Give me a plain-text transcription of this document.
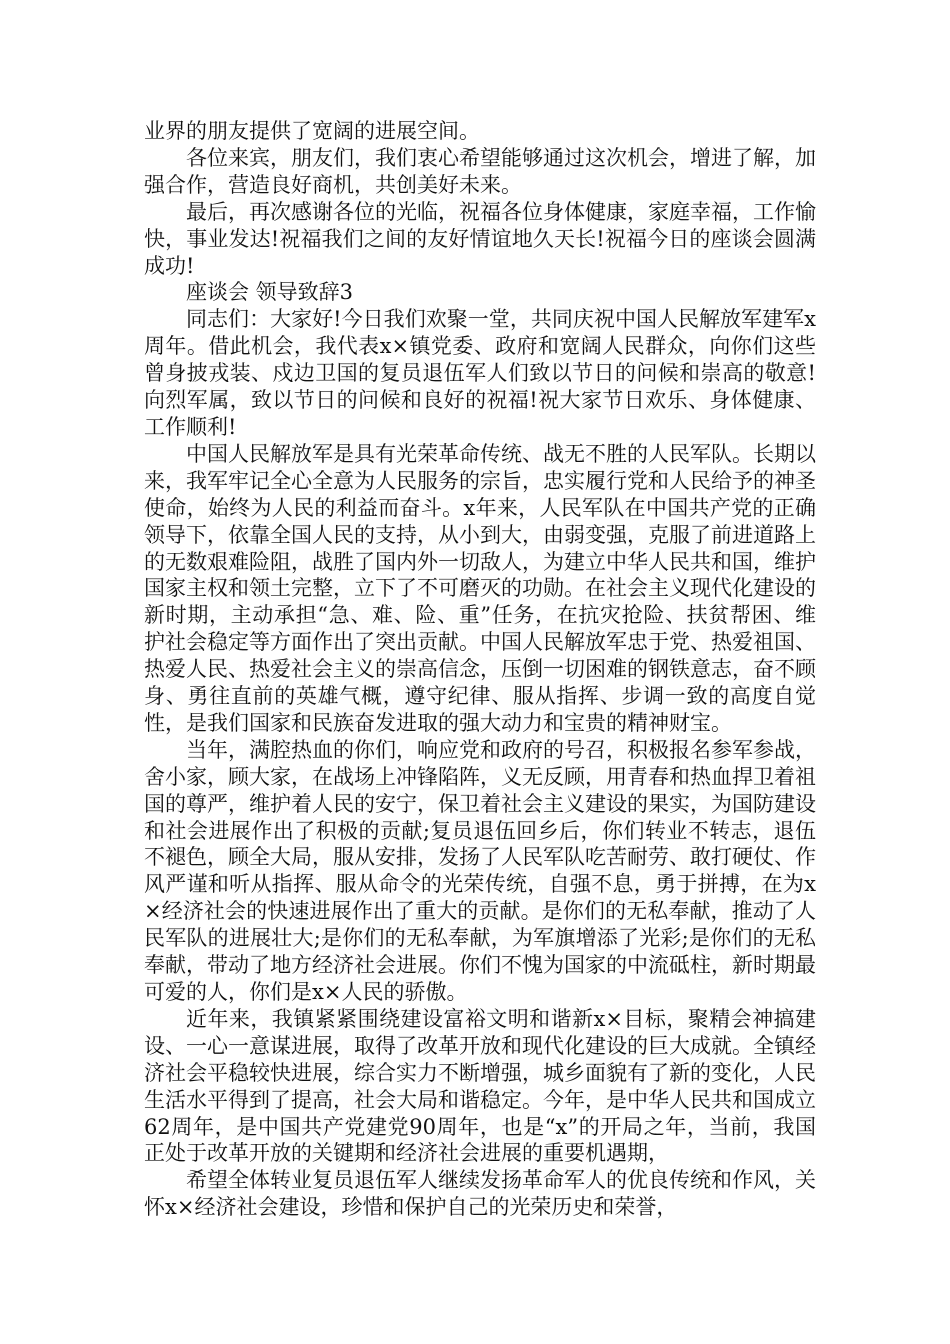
业界的朋友提供了宽阔的进展空间。

各位来宾，朋友们，我们衷心希望能够通过这次机会，增进了解，加强合作，营造良好商机，共创美好未来。

最后，再次感谢各位的光临，祝福各位身体健康，家庭幸福，工作愉快，事业发达!祝福我们之间的友好情谊地久天长!祝福今日的座谈会圆满成功!

座谈会 领导致辞3

同志们：大家好!今日我们欢聚一堂，共同庆祝中国人民解放军建军x周年。借此机会，我代表x×镇党委、政府和宽阔人民群众，向你们这些曾身披戎装、戍边卫国的复员退伍军人们致以节日的问候和崇高的敬意!向烈军属，致以节日的问候和良好的祝福!祝大家节日欢乐、身体健康、工作顺利!

中国人民解放军是具有光荣革命传统、战无不胜的人民军队。长期以来，我军牢记全心全意为人民服务的宗旨，忠实履行党和人民给予的神圣使命，始终为人民的利益而奋斗。x年来，人民军队在中国共产党的正确领导下，依靠全国人民的支持，从小到大，由弱变强，克服了前进道路上的无数艰难险阻，战胜了国内外一切敌人，为建立中华人民共和国，维护国家主权和领土完整，立下了不可磨灭的功勋。在社会主义现代化建设的新时期，主动承担“急、难、险、重”任务，在抗灾抢险、扶贫帮困、维护社会稳定等方面作出了突出贡献。中国人民解放军忠于党、热爱祖国、热爱人民、热爱社会主义的崇高信念，压倒一切困难的钢铁意志，奋不顾身、勇往直前的英雄气概，遵守纪律、服从指挥、步调一致的高度自觉性，是我们国家和民族奋发进取的强大动力和宝贵的精神财宝。

当年，满腔热血的你们，响应党和政府的号召，积极报名参军参战，舍小家，顾大家，在战场上冲锋陷阵，义无反顾，用青春和热血捍卫着祖国的尊严，维护着人民的安宁，保卫着社会主义建设的果实，为国防建设和社会进展作出了积极的贡献;复员退伍回乡后，你们转业不转志，退伍不褪色，顾全大局，服从安排，发扬了人民军队吃苦耐劳、敢打硬仗、作风严谨和听从指挥、服从命令的光荣传统，自强不息，勇于拼搏，在为x×经济社会的快速进展作出了重大的贡献。是你们的无私奉献，推动了人民军队的进展壮大;是你们的无私奉献，为军旗增添了光彩;是你们的无私奉献，带动了地方经济社会进展。你们不愧为国家的中流砥柱，新时期最可爱的人，你们是x×人民的骄傲。

近年来，我镇紧紧围绕建设富裕文明和谐新x×目标，聚精会神搞建设、一心一意谋进展，取得了改革开放和现代化建设的巨大成就。全镇经济社会平稳较快进展，综合实力不断增强，城乡面貌有了新的变化，人民生活水平得到了提高，社会大局和谐稳定。今年，是中华人民共和国成立62周年，是中国共产党建党90周年，也是“x”的开局之年，当前，我国正处于改革开放的关键期和经济社会进展的重要机遇期，

希望全体转业复员退伍军人继续发扬革命军人的优良传统和作风，关怀x×经济社会建设，珍惜和保护自己的光荣历史和荣誉，
